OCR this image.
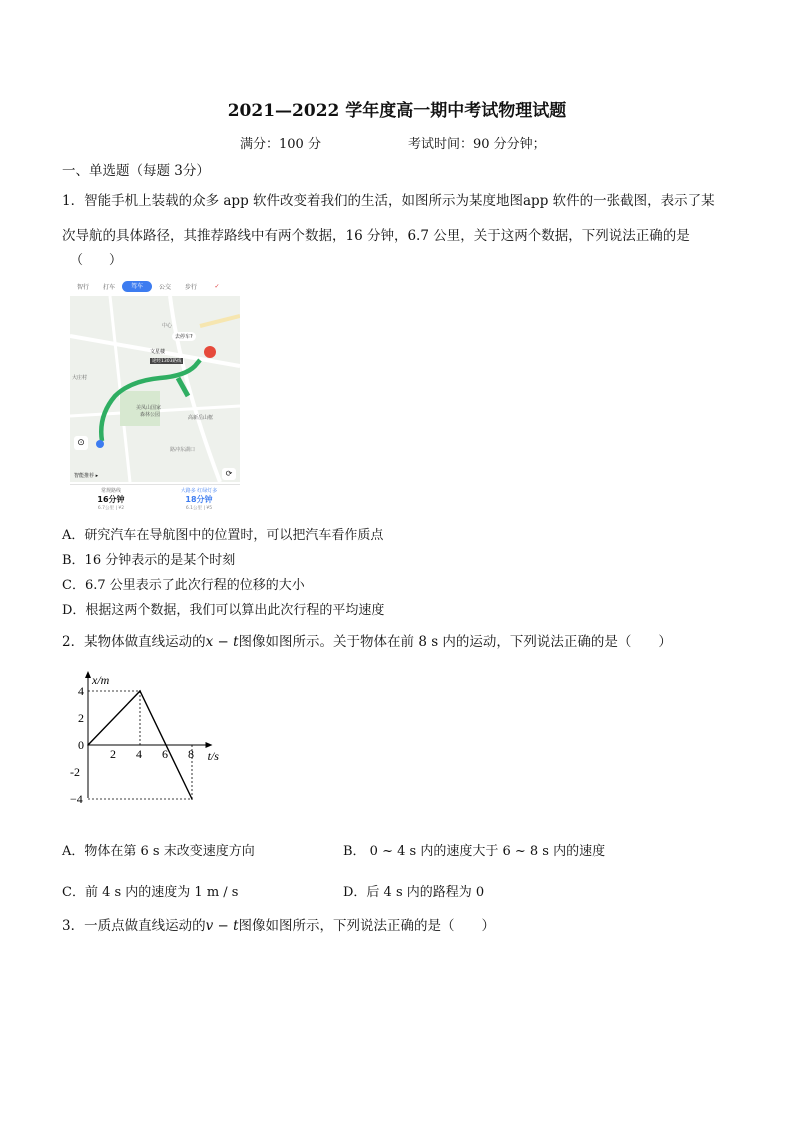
2021—2022 学年度高一期中考试物理试题
满分：100 分	考试时间：90 分分钟；
一、单选题（每题 3分）
1．智能手机上装载的众多 app 软件改变着我们的生活，如图所示为某度地图app 软件的一张截图，表示了某
次导航的具体路径，其推荐路线中有两个数据，16 分钟，6.7 公里，关于这两个数据，下列说法正确的是
（　　）
智行	打车	驾车	公交	步行	✓
中心
去停车?
文星楼
途经1303路线
美凤山国家
森林公园
大庄村
高新岳山框
路冲东湖口
智能推荐 ▸
⊙
⟳
常规路线
16分钟
6.7公里 | ¥2
大路多 红绿灯多
18分钟
6.1公里 | ¥5
A．研究汽车在导航图中的位置时，可以把汽车看作质点
B．16 分钟表示的是某个时刻
C．6.7 公里表示了此次行程的位移的大小
D．根据这两个数据，我们可以算出此次行程的平均速度
2．某物体做直线运动的x − t图像如图所示。关于物体在前 8 s 内的运动，下列说法正确的是（　　）
x/m
t/s
2 4 6 8
4
2
0
-2
−4
A．物体在第 6 s 末改变速度方向	B． 0 ~ 4 s 内的速度大于 6 ~ 8 s 内的速度
C．前 4 s 内的速度为 1 m / s	D．后 4 s 内的路程为 0
3．一质点做直线运动的v − t图像如图所示，下列说法正确的是（　　）
